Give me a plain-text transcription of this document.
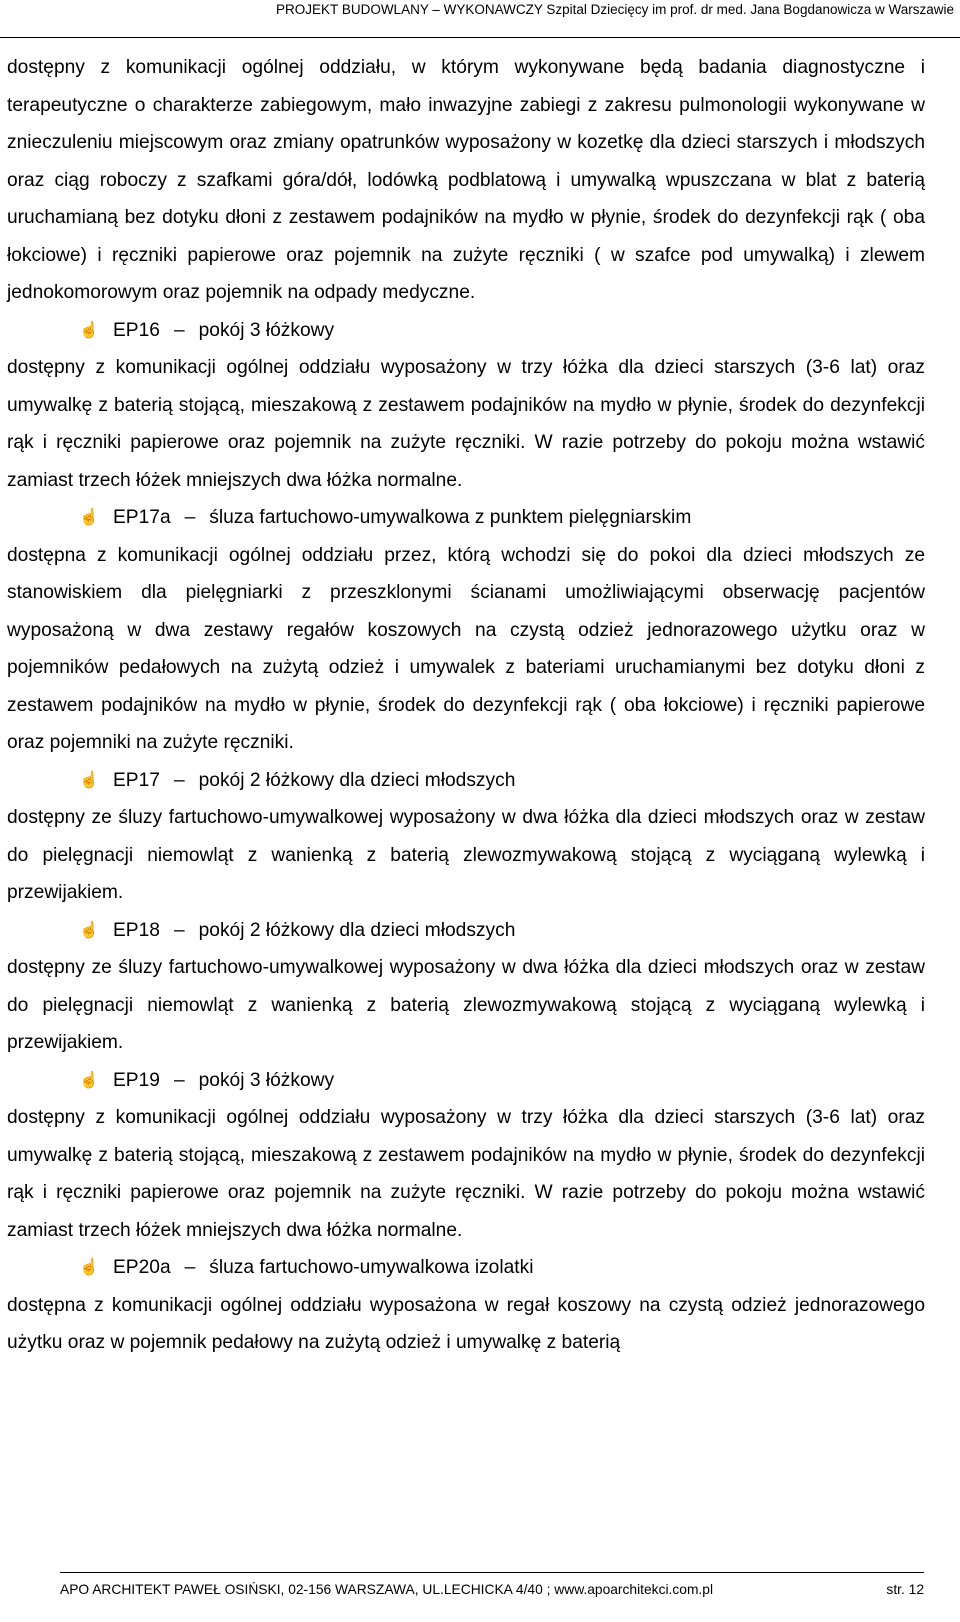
PROJEKT BUDOWLANY – WYKONAWCZY Szpital Dziecięcy im prof. dr med. Jana Bogdanowicza w Warszawie

dostępny z komunikacji ogólnej oddziału, w którym wykonywane będą badania diagnostyczne i terapeutyczne o charakterze zabiegowym, mało inwazyjne zabiegi z zakresu pulmonologii wykonywane w znieczuleniu miejscowym oraz zmiany opatrunków wyposażony w kozetkę dla dzieci starszych i młodszych oraz ciąg roboczy z szafkami góra/dół, lodówką podblatową i umywalką wpuszczana w blat z baterią uruchamianą bez dotyku dłoni z zestawem podajników na mydło w płynie, środek do dezynfekcji rąk ( oba łokciowe) i ręczniki papierowe oraz pojemnik na zużyte ręczniki ( w szafce pod umywalką) i zlewem jednokomorowym oraz pojemnik na odpady medyczne.

☝ EP16 – pokój 3 łóżkowy

dostępny z komunikacji ogólnej oddziału wyposażony w trzy łóżka dla dzieci starszych (3-6 lat) oraz umywalkę z baterią stojącą, mieszakową z zestawem podajników na mydło w płynie, środek do dezynfekcji rąk i ręczniki papierowe oraz pojemnik na zużyte ręczniki. W razie potrzeby do pokoju można wstawić zamiast trzech łóżek mniejszych dwa łóżka normalne.

☝ EP17a – śluza fartuchowo-umywalkowa z punktem pielęgniarskim

dostępna z komunikacji ogólnej oddziału przez, którą wchodzi się do pokoi dla dzieci młodszych ze stanowiskiem dla pielęgniarki z przeszklonymi ścianami umożliwiającymi obserwację pacjentów wyposażoną w dwa zestawy regałów koszowych na czystą odzież jednorazowego użytku oraz w pojemników pedałowych na zużytą odzież i umywalek z bateriami uruchamianymi bez dotyku dłoni z zestawem podajników na mydło w płynie, środek do dezynfekcji rąk ( oba łokciowe) i ręczniki papierowe oraz pojemniki na zużyte ręczniki.

☝ EP17 – pokój 2 łóżkowy dla dzieci młodszych

dostępny ze śluzy fartuchowo-umywalkowej wyposażony w dwa łóżka dla dzieci młodszych oraz w zestaw do pielęgnacji niemowląt z wanienką z baterią zlewozmywakową stojącą z wyciąganą wylewką i przewijakiem.

☝ EP18 – pokój 2 łóżkowy dla dzieci młodszych

dostępny ze śluzy fartuchowo-umywalkowej wyposażony w dwa łóżka dla dzieci młodszych oraz w zestaw do pielęgnacji niemowląt z wanienką z baterią zlewozmywakową stojącą z wyciąganą wylewką i przewijakiem.

☝ EP19 – pokój 3 łóżkowy

dostępny z komunikacji ogólnej oddziału wyposażony w trzy łóżka dla dzieci starszych (3-6 lat) oraz umywalkę z baterią stojącą, mieszakową z zestawem podajników na mydło w płynie, środek do dezynfekcji rąk i ręczniki papierowe oraz pojemnik na zużyte ręczniki. W razie potrzeby do pokoju można wstawić zamiast trzech łóżek mniejszych dwa łóżka normalne.

☝ EP20a – śluza fartuchowo-umywalkowa izolatki

dostępna z komunikacji ogólnej oddziału wyposażona w regał koszowy na czystą odzież jednorazowego użytku oraz w pojemnik pedałowy na zużytą odzież i umywalkę z baterią

APO ARCHITEKT PAWEŁ OSIŃSKI, 02-156 WARSZAWA, UL.LECHICKA 4/40 ; www.apoarchitekci.com.pl	str. 12
